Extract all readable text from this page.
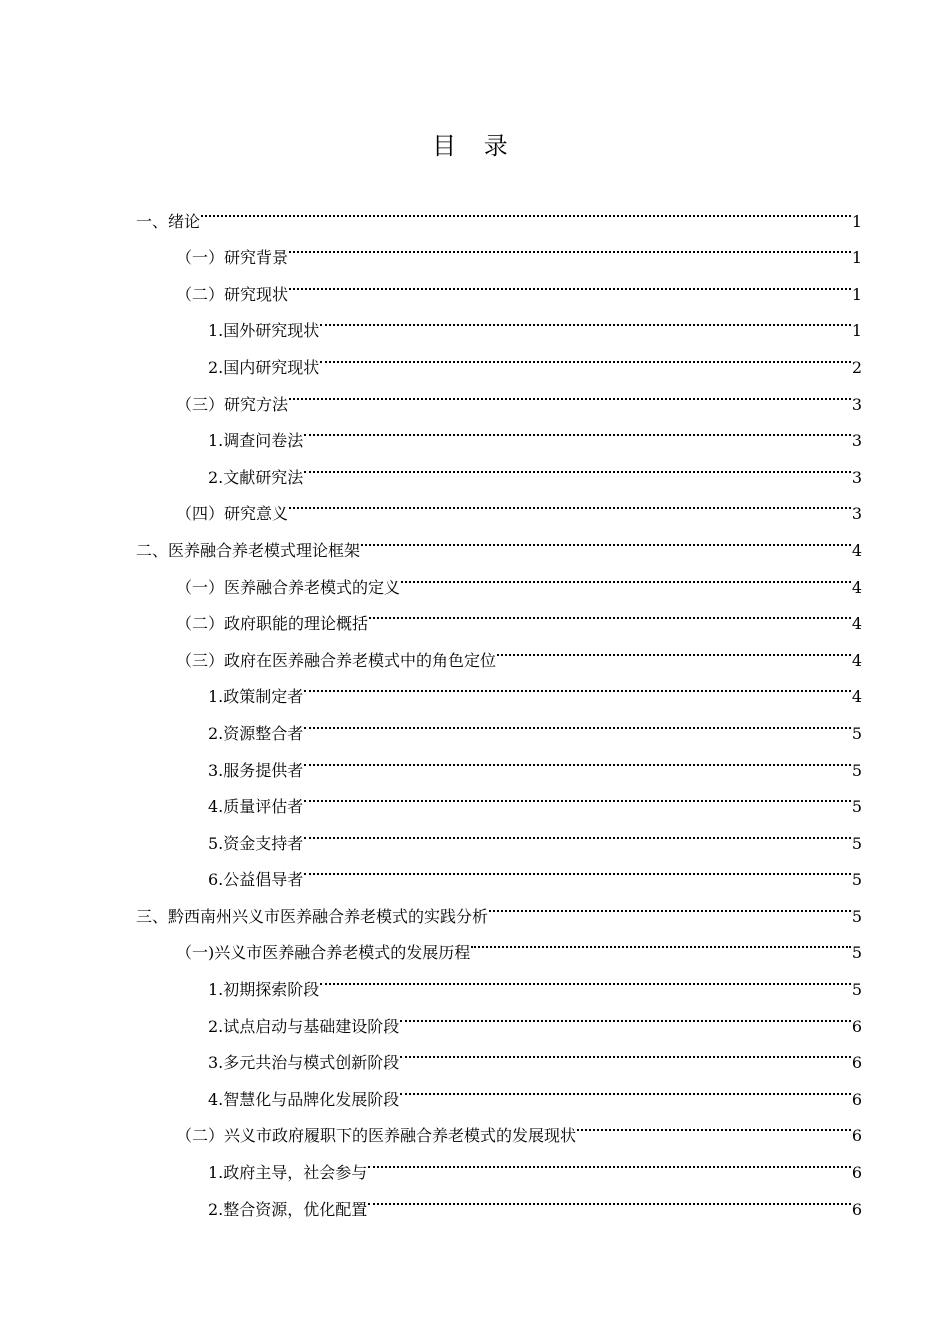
目 录
一、绪论	1
（一）研究背景	1
（二）研究现状	1
1.国外研究现状	1
2.国内研究现状	2
（三）研究方法	3
1.调查问卷法	3
2.文献研究法	3
（四）研究意义	3
二、医养融合养老模式理论框架	4
（一）医养融合养老模式的定义	4
（二）政府职能的理论概括	4
（三）政府在医养融合养老模式中的角色定位	4
1.政策制定者	4
2.资源整合者	5
3.服务提供者	5
4.质量评估者	5
5.资金支持者	5
6.公益倡导者	5
三、黔西南州兴义市医养融合养老模式的实践分析	5
（一)兴义市医养融合养老模式的发展历程	5
1.初期探索阶段	5
2.试点启动与基础建设阶段	6
3.多元共治与模式创新阶段	6
4.智慧化与品牌化发展阶段	6
（二）兴义市政府履职下的医养融合养老模式的发展现状	6
1.政府主导，社会参与	6
2.整合资源，优化配置	6
